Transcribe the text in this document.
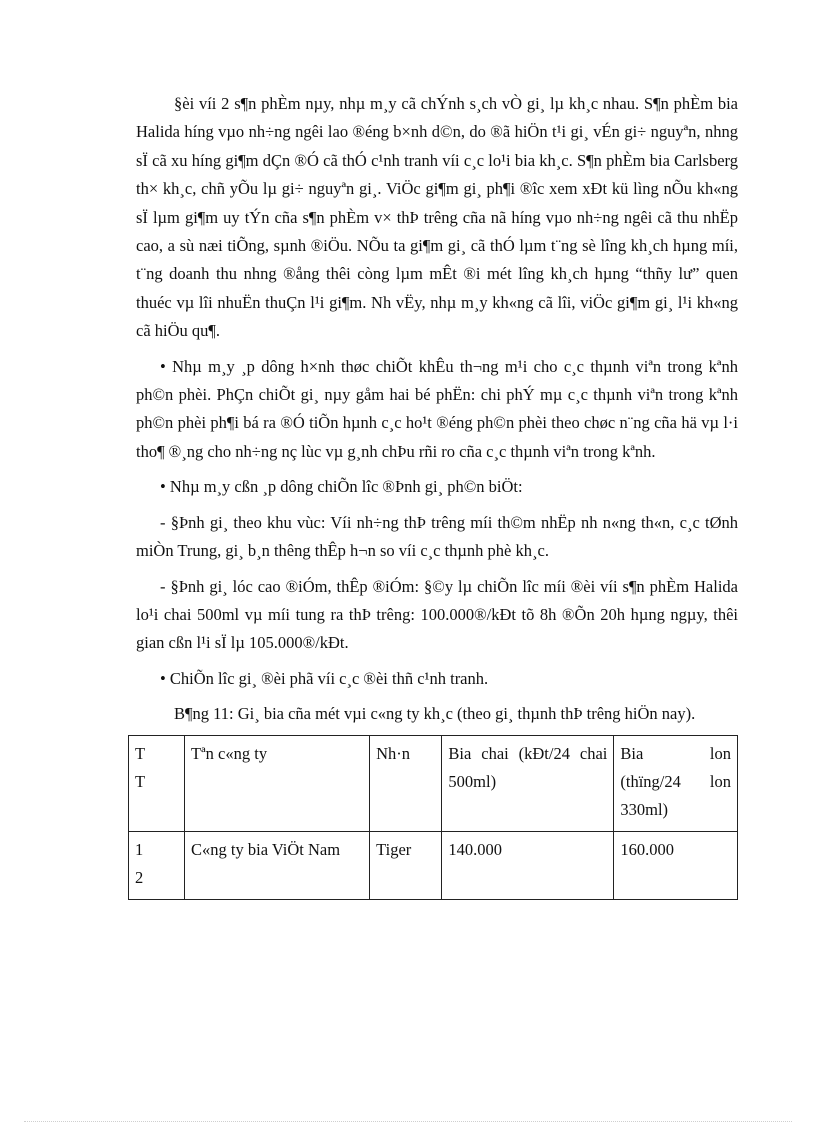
§èi víi 2 s¶n phÈm nµy, nhµ m¸y cã chÝnh s¸ch vÒ gi¸ lµ kh¸c nhau. S¶n phÈm bia Halida híng vµo nh÷ng ngêi lao ®éng b×nh d©n, do ®ã hiÖn t¹i gi¸ vÉn gi÷ nguyªn, nhng sÏ cã xu híng gi¶m dÇn ®Ó cã thÓ c¹nh tranh víi c¸c lo¹i bia kh¸c. S¶n phÈm bia Carlsberg th× kh¸c, chñ yÕu lµ gi÷ nguyªn gi¸. ViÖc gi¶m gi¸ ph¶i ®îc xem xÐt kü lìng nÕu kh«ng sÏ lµm gi¶m uy tÝn cña s¶n phÈm v× thÞ trêng cña nã híng vµo nh÷ng ngêi cã thu nhËp cao, a sù næi tiÕng, sµnh ®iÖu. NÕu ta gi¶m gi¸ cã thÓ lµm t¨ng sè lîng kh¸ch hµng míi, t¨ng doanh thu nhng ®ång thêi còng lµm mÊt ®i mét lîng kh¸ch hµng “thñy lư” quen thuéc vµ lîi nhuËn thuÇn l¹i gi¶m. Nh vËy, nhµ m¸y kh«ng cã lîi, viÖc gi¶m gi¸ l¹i kh«ng cã hiÖu qu¶.

• Nhµ m¸y ¸p dông h×nh thøc chiÕt khÊu th¬ng m¹i cho c¸c thµnh viªn trong kªnh ph©n phèi. PhÇn chiÕt gi¸ nµy gåm hai bé phËn: chi phÝ mµ c¸c thµnh viªn trong kªnh ph©n phèi ph¶i bá ra ®Ó tiÕn hµnh c¸c ho¹t ®éng ph©n phèi theo chøc n¨ng cña hä vµ l·i tho¶ ®¸ng cho nh÷ng nç lùc vµ g¸nh chÞu rñi ro cña c¸c thµnh viªn trong kªnh.

• Nhµ m¸y cßn ¸p dông chiÕn lîc ®Þnh gi¸ ph©n biÖt:

- §Þnh gi¸ theo khu vùc: Víi nh÷ng thÞ trêng míi th©m nhËp nh n«ng th«n, c¸c tØnh miÒn Trung, gi¸ b¸n thêng thÊp h¬n so víi c¸c thµnh phè kh¸c.

- §Þnh gi¸ lóc cao ®iÓm, thÊp ®iÓm: §©y lµ chiÕn lîc míi ®èi víi s¶n phÈm Halida lo¹i chai 500ml vµ míi tung ra thÞ trêng: 100.000®/kÐt tõ 8h ®Õn 20h hµng ngµy, thêi gian cßn l¹i sÏ lµ 105.000®/kÐt.

• ChiÕn lîc gi¸ ®èi phã víi c¸c ®èi thñ c¹nh tranh.

B¶ng 11: Gi¸ bia cña mét vµi c«ng ty kh¸c (theo gi¸ thµnh thÞ trêng hiÖn nay).

T T	Tªn c«ng ty	Nh·n	Bia chai (kÐt/24 chai 500ml)	Bia lon (thïng/24 lon 330ml)
1 2	C«ng ty bia ViÖt Nam	Tiger	140.000	160.000
